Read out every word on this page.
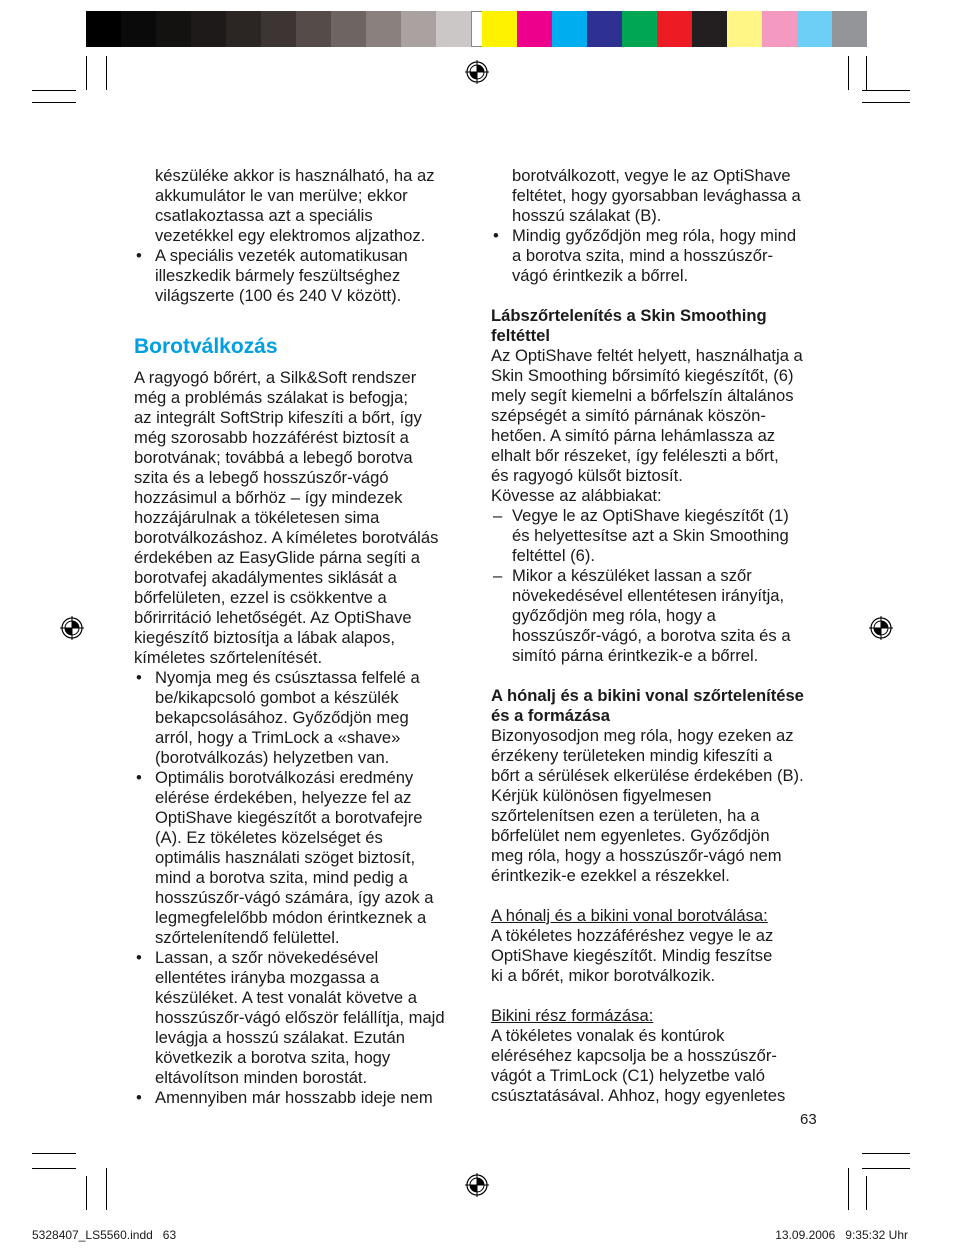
készüléke akkor is használható, ha az
akkumulátor le van merülve; ekkor
csatlakoztassa azt a speciális
vezetékkel egy elektromos aljzathoz.
• A speciális vezeték automatikusan
illeszkedik bármely feszültséghez
világszerte (100 és 240 V között).
Borotválkozás
A ragyogó bőrért, a Silk&Soft rendszer
még a problémás szálakat is befogja;
az integrált SoftStrip kifeszíti a bőrt, így
még szorosabb hozzáférést biztosít a
borotvának; továbbá a lebegő borotva
szita és a lebegő hosszúszőr-vágó
hozzásimul a bőrhöz – így mindezek
hozzájárulnak a tökéletesen sima
borotválkozáshoz. A kíméletes borotválás
érdekében az EasyGlide párna segíti a
borotvafej akadálymentes siklását a
bőrfelületen, ezzel is csökkentve a
bőrirritáció lehetőségét. Az OptiShave
kiegészítő biztosítja a lábak alapos,
kíméletes szőrtelenítését.
• Nyomja meg és csúsztassa felfelé a
be/kikapcsoló gombot a készülék
bekapcsolásához. Győződjön meg
arról, hogy a TrimLock a «shave»
(borotválkozás) helyzetben van.
• Optimális borotválkozási eredmény
elérése érdekében, helyezze fel az
OptiShave kiegészítőt a borotvafejre
(A). Ez tökéletes közelséget és
optimális használati szöget biztosít,
mind a borotva szita, mind pedig a
hosszúszőr-vágó számára, így azok a
legmegfelelőbb módon érintkeznek a
szőrtelenítendő felülettel.
• Lassan, a szőr növekedésével
ellentétes irányba mozgassa a
készüléket. A test vonalát követve a
hosszúszőr-vágó először felállítja, majd
levágja a hosszú szálakat. Ezután
következik a borotva szita, hogy
eltávolítson minden borostát.
• Amennyiben már hosszabb ideje nem
borotválkozott, vegye le az OptiShave
feltétet, hogy gyorsabban levághassa a
hosszú szálakat (B).
• Mindig győződjön meg róla, hogy mind
a borotva szita, mind a hosszúszőr-
vágó érintkezik a bőrrel.
Lábszőrtelenítés a Skin Smoothing
feltéttel
Az OptiShave feltét helyett, használhatja a
Skin Smoothing bőrsimító kiegészítőt, (6)
mely segít kiemelni a bőrfelszín általános
szépségét a simító párnának köszön-
hetően. A simító párna lehámlassza az
elhalt bőr részeket, így feléleszti a bőrt,
és ragyogó külsőt biztosít.
Kövesse az alábbiakat:
– Vegye le az OptiShave kiegészítőt (1)
és helyettesítse azt a Skin Smoothing
feltéttel (6).
– Mikor a készüléket lassan a szőr
növekedésével ellentétesen irányítja,
győződjön meg róla, hogy a
hosszúszőr-vágó, a borotva szita és a
simító párna érintkezik-e a bőrrel.
A hónalj és a bikini vonal szőrtelenítése
és a formázása
Bizonyosodjon meg róla, hogy ezeken az
érzékeny területeken mindig kifeszíti a
bőrt a sérülések elkerülése érdekében (B).
Kérjük különösen figyelmesen
szőrtelenítsen ezen a területen, ha a
bőrfelület nem egyenletes. Győződjön
meg róla, hogy a hosszúszőr-vágó nem
érintkezik-e ezekkel a részekkel.
A hónalj és a bikini vonal borotválása:
A tökéletes hozzáféréshez vegye le az
OptiShave kiegészítőt. Mindig feszítse
ki a bőrét, mikor borotválkozik.
Bikini rész formázása:
A tökéletes vonalak és kontúrok
eléréséhez kapcsolja be a hosszúszőr-
vágót a TrimLock (C1) helyzetbe való
csúsztatásával. Ahhoz, hogy egyenletes
63
5328407_LS5560.indd   63	13.09.2006   9:35:32 Uhr
